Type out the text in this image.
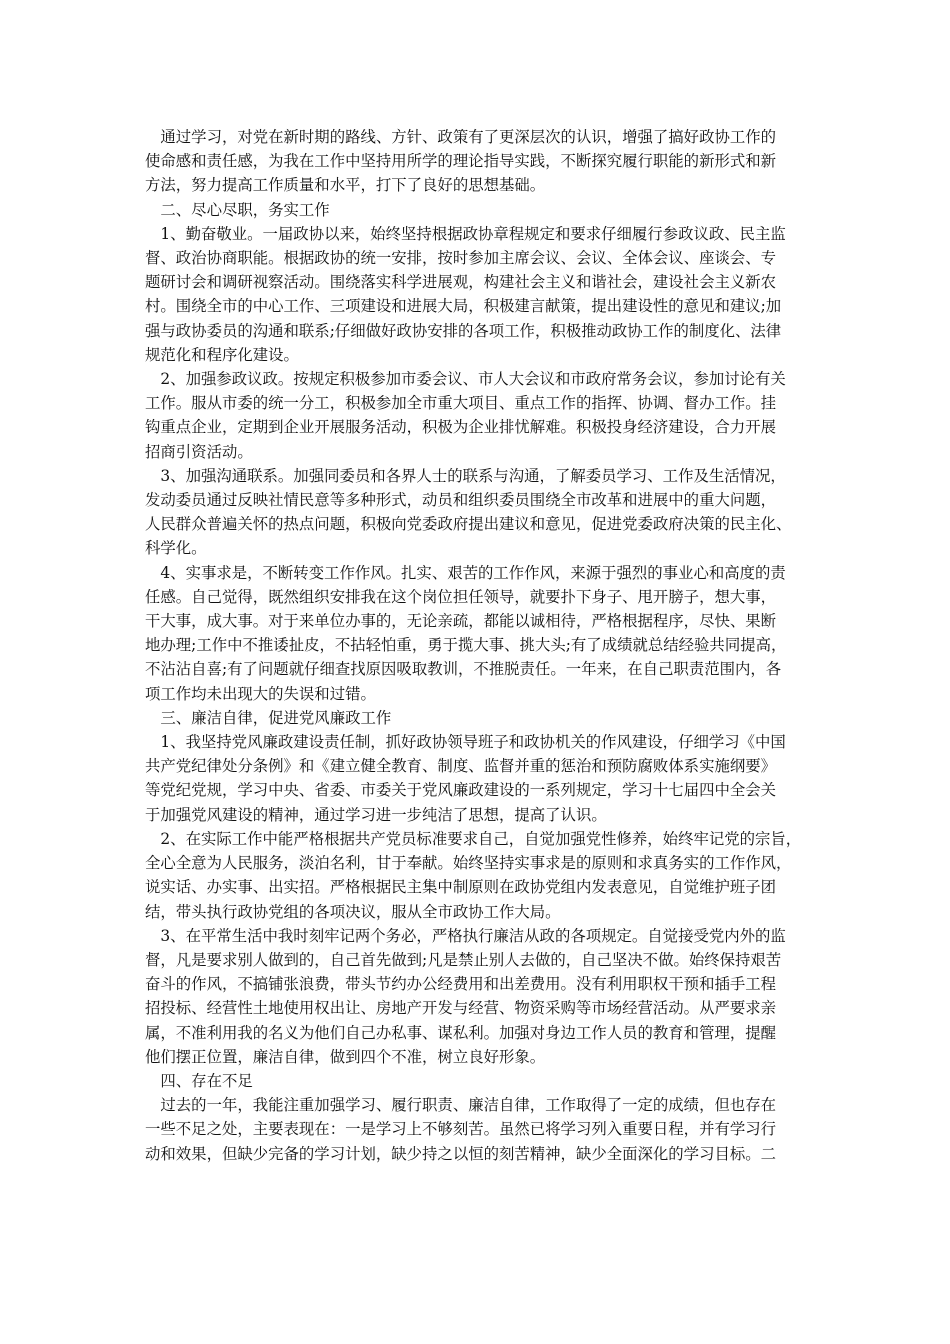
　通过学习，对党在新时期的路线、方针、政策有了更深层次的认识，增强了搞好政协工作的
使命感和责任感，为我在工作中坚持用所学的理论指导实践，不断探究履行职能的新形式和新
方法，努力提高工作质量和水平，打下了良好的思想基础。
　二、尽心尽职，务实工作
　1、勤奋敬业。一届政协以来，始终坚持根据政协章程规定和要求仔细履行参政议政、民主监
督、政治协商职能。根据政协的统一安排，按时参加主席会议、会议、全体会议、座谈会、专
题研讨会和调研视察活动。围绕落实科学进展观，构建社会主义和谐社会，建设社会主义新农
村。围绕全市的中心工作、三项建设和进展大局，积极建言献策，提出建设性的意见和建议;加
强与政协委员的沟通和联系;仔细做好政协安排的各项工作，积极推动政协工作的制度化、法律
规范化和程序化建设。
　2、加强参政议政。按规定积极参加市委会议、市人大会议和市政府常务会议，参加讨论有关
工作。服从市委的统一分工，积极参加全市重大项目、重点工作的指挥、协调、督办工作。挂
钩重点企业，定期到企业开展服务活动，积极为企业排忧解难。积极投身经济建设，合力开展
招商引资活动。
　3、加强沟通联系。加强同委员和各界人士的联系与沟通，了解委员学习、工作及生活情况，
发动委员通过反映社情民意等多种形式，动员和组织委员围绕全市改革和进展中的重大问题，
人民群众普遍关怀的热点问题，积极向党委政府提出建议和意见，促进党委政府决策的民主化、
科学化。
　4、实事求是，不断转变工作作风。扎实、艰苦的工作作风，来源于强烈的事业心和高度的责
任感。自己觉得，既然组织安排我在这个岗位担任领导，就要扑下身子、甩开膀子，想大事，
干大事，成大事。对于来单位办事的，无论亲疏，都能以诚相待，严格根据程序，尽快、果断
地办理;工作中不推诿扯皮，不拈轻怕重，勇于揽大事、挑大头;有了成绩就总结经验共同提高，
不沾沾自喜;有了问题就仔细查找原因吸取教训，不推脱责任。一年来，在自己职责范围内，各
项工作均未出现大的失误和过错。
　三、廉洁自律，促进党风廉政工作
　1、我坚持党风廉政建设责任制，抓好政协领导班子和政协机关的作风建设，仔细学习《中国
共产党纪律处分条例》和《建立健全教育、制度、监督并重的惩治和预防腐败体系实施纲要》
等党纪党规，学习中央、省委、市委关于党风廉政建设的一系列规定，学习十七届四中全会关
于加强党风建设的精神，通过学习进一步纯洁了思想，提高了认识。
　2、在实际工作中能严格根据共产党员标准要求自己，自觉加强党性修养，始终牢记党的宗旨，
全心全意为人民服务，淡泊名利，甘于奉献。始终坚持实事求是的原则和求真务实的工作作风，
说实话、办实事、出实招。严格根据民主集中制原则在政协党组内发表意见，自觉维护班子团
结，带头执行政协党组的各项决议，服从全市政协工作大局。
　3、在平常生活中我时刻牢记两个务必，严格执行廉洁从政的各项规定。自觉接受党内外的监
督，凡是要求别人做到的，自己首先做到;凡是禁止别人去做的，自己坚决不做。始终保持艰苦
奋斗的作风，不搞铺张浪费，带头节约办公经费用和出差费用。没有利用职权干预和插手工程
招投标、经营性土地使用权出让、房地产开发与经营、物资采购等市场经营活动。从严要求亲
属，不准利用我的名义为他们自己办私事、谋私利。加强对身边工作人员的教育和管理，提醒
他们摆正位置，廉洁自律，做到四个不准，树立良好形象。
　四、存在不足
　过去的一年，我能注重加强学习、履行职责、廉洁自律，工作取得了一定的成绩，但也存在
一些不足之处，主要表现在：一是学习上不够刻苦。虽然已将学习列入重要日程，并有学习行
动和效果，但缺少完备的学习计划，缺少持之以恒的刻苦精神，缺少全面深化的学习目标。二
